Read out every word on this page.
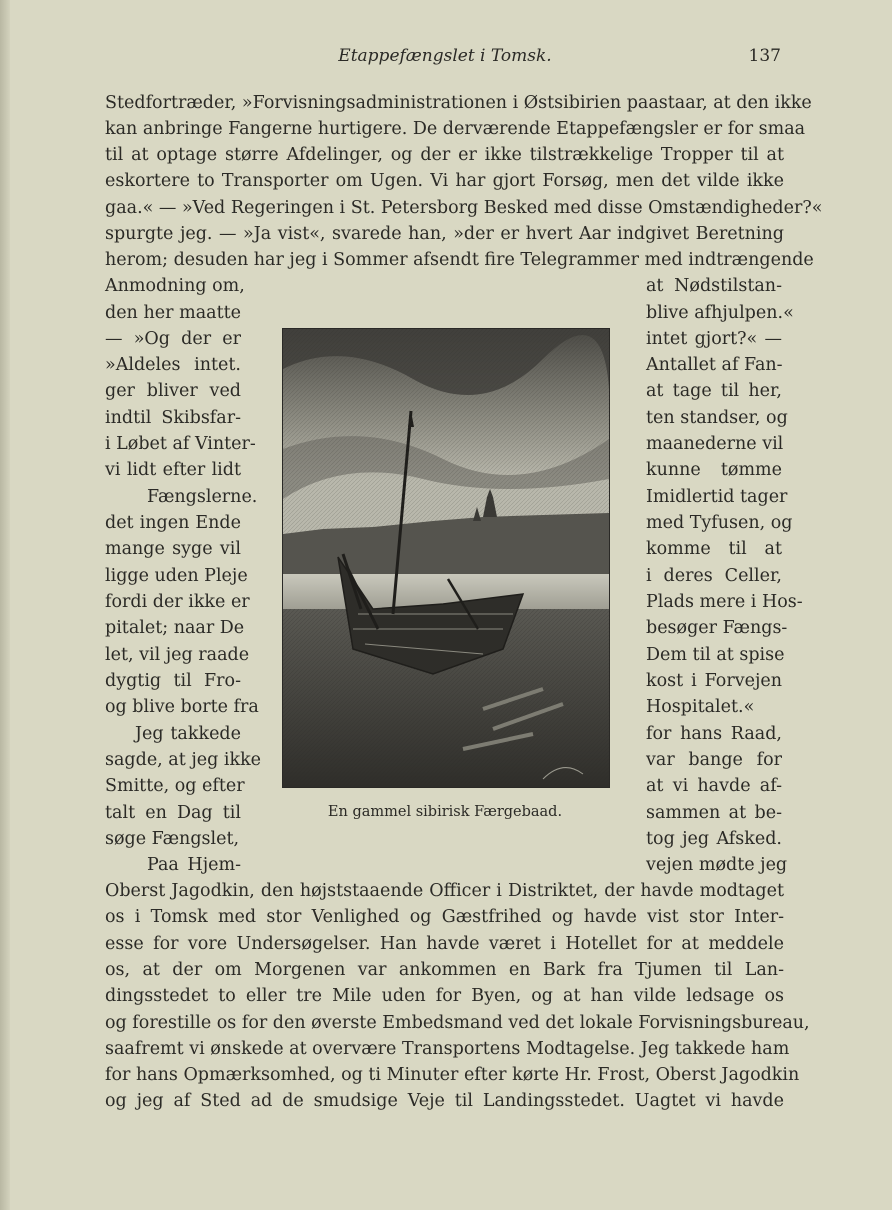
Etappefængslet i Tomsk.	137
Stedfortræder, »Forvisningsadministrationen i Østsibirien paastaar, at den ikke
kan anbringe Fangerne hurtigere. De derværende Etappefængsler er for smaa
til at optage større Afdelinger, og der er ikke tilstrækkelige Tropper til at
eskortere to Transporter om Ugen. Vi har gjort Forsøg, men det vilde ikke
gaa.« — »Ved Regeringen i St. Petersborg Besked med disse Omstændigheder?«
spurgte jeg. — »Ja vist«, svarede han, »der er hvert Aar indgivet Beretning
herom; desuden har jeg i Sommer afsendt fire Telegrammer med indtrængende
Anmodning om,
den her maatte
— »Og der er
»Aldeles intet.
ger bliver ved
indtil Skibsfar-
i Løbet af Vinter-
vi lidt efter lidt
Fængslerne.
det ingen Ende
mange syge vil
ligge uden Pleje
fordi der ikke er
pitalet; naar De
let, vil jeg raade
dygtig til Fro-
og blive borte fra
Jeg takkede
sagde, at jeg ikke
Smitte, og efter
talt en Dag til
søge Fængslet,
Paa Hjem-
at Nødstilstan-
blive afhjulpen.«
intet gjort?« —
Antallet af Fan-
at tage til her,
ten standser, og
maanederne vil
kunne tømme
Imidlertid tager
med Tyfusen, og
komme til at
i deres Celler,
Plads mere i Hos-
besøger Fængs-
Dem til at spise
kost i Forvejen
Hospitalet.«
for hans Raad,
var bange for
at vi havde af-
sammen at be-
tog jeg Afsked.
vejen mødte jeg
En gammel sibirisk Færgebaad.
Oberst Jagodkin, den højststaaende Officer i Distriktet, der havde modtaget
os i Tomsk med stor Venlighed og Gæstfrihed og havde vist stor Inter-
esse for vore Undersøgelser. Han havde været i Hotellet for at meddele
os, at der om Morgenen var ankommen en Bark fra Tjumen til Lan-
dingsstedet to eller tre Mile uden for Byen, og at han vilde ledsage os
og forestille os for den øverste Embedsmand ved det lokale Forvisningsbureau,
saafremt vi ønskede at overvære Transportens Modtagelse. Jeg takkede ham
for hans Opmærksomhed, og ti Minuter efter kørte Hr. Frost, Oberst Jagodkin
og jeg af Sted ad de smudsige Veje til Landingsstedet. Uagtet vi havde
